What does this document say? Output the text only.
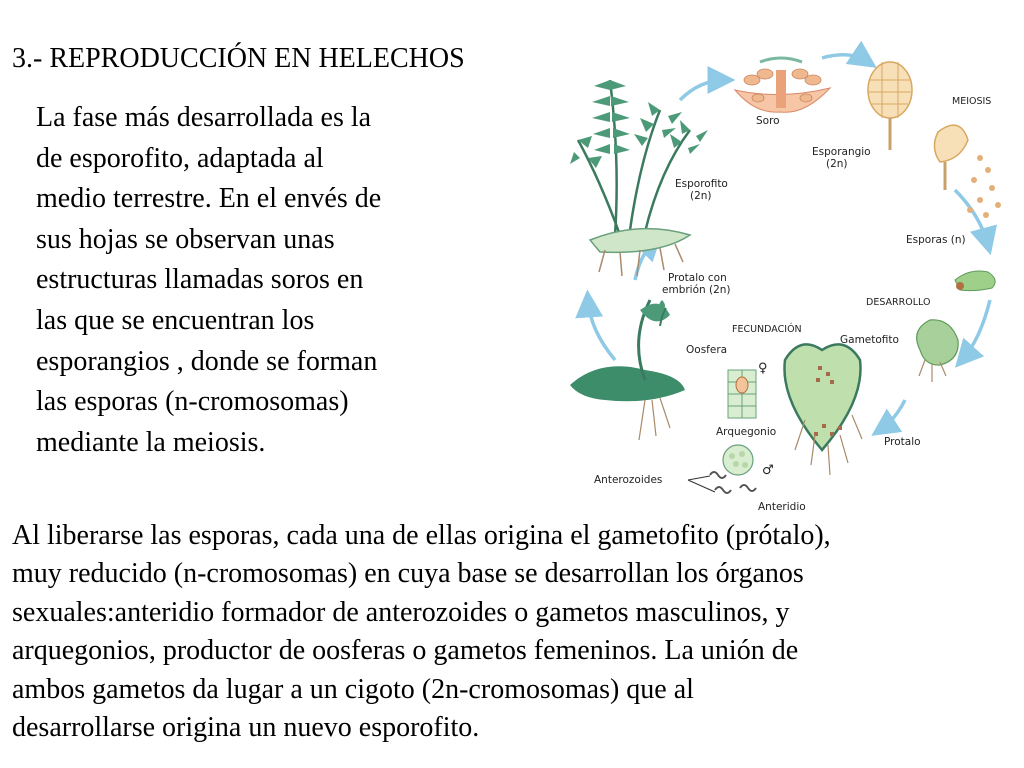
3.- REPRODUCCIÓN EN HELECHOS
La fase más desarrollada es la
de esporofito, adaptada al
medio terrestre. En el envés de
sus hojas se observan unas
estructuras llamadas soros en
las que se encuentran los
esporangios , donde se forman
las esporas (n-cromosomas)
mediante la meiosis.
Soro
MEIOSIS
Esporangio
(2n)
Esporofito
(2n)
Esporas (n)
Protalo con
embrión (2n)
DESARROLLO
FECUNDACIÓN
Gametofito
Oosfera
♀
Arquegonio
Protalo
♂
Anterozoides
Anteridio
Al liberarse las esporas, cada una de ellas origina el gametofito (prótalo),
muy reducido (n-cromosomas) en cuya base se desarrollan los órganos
sexuales:anteridio formador de anterozoides o gametos masculinos, y
arquegonios, productor de oosferas o gametos femeninos. La unión de
ambos gametos da lugar a un cigoto (2n-cromosomas) que al
desarrollarse origina un nuevo esporofito.
